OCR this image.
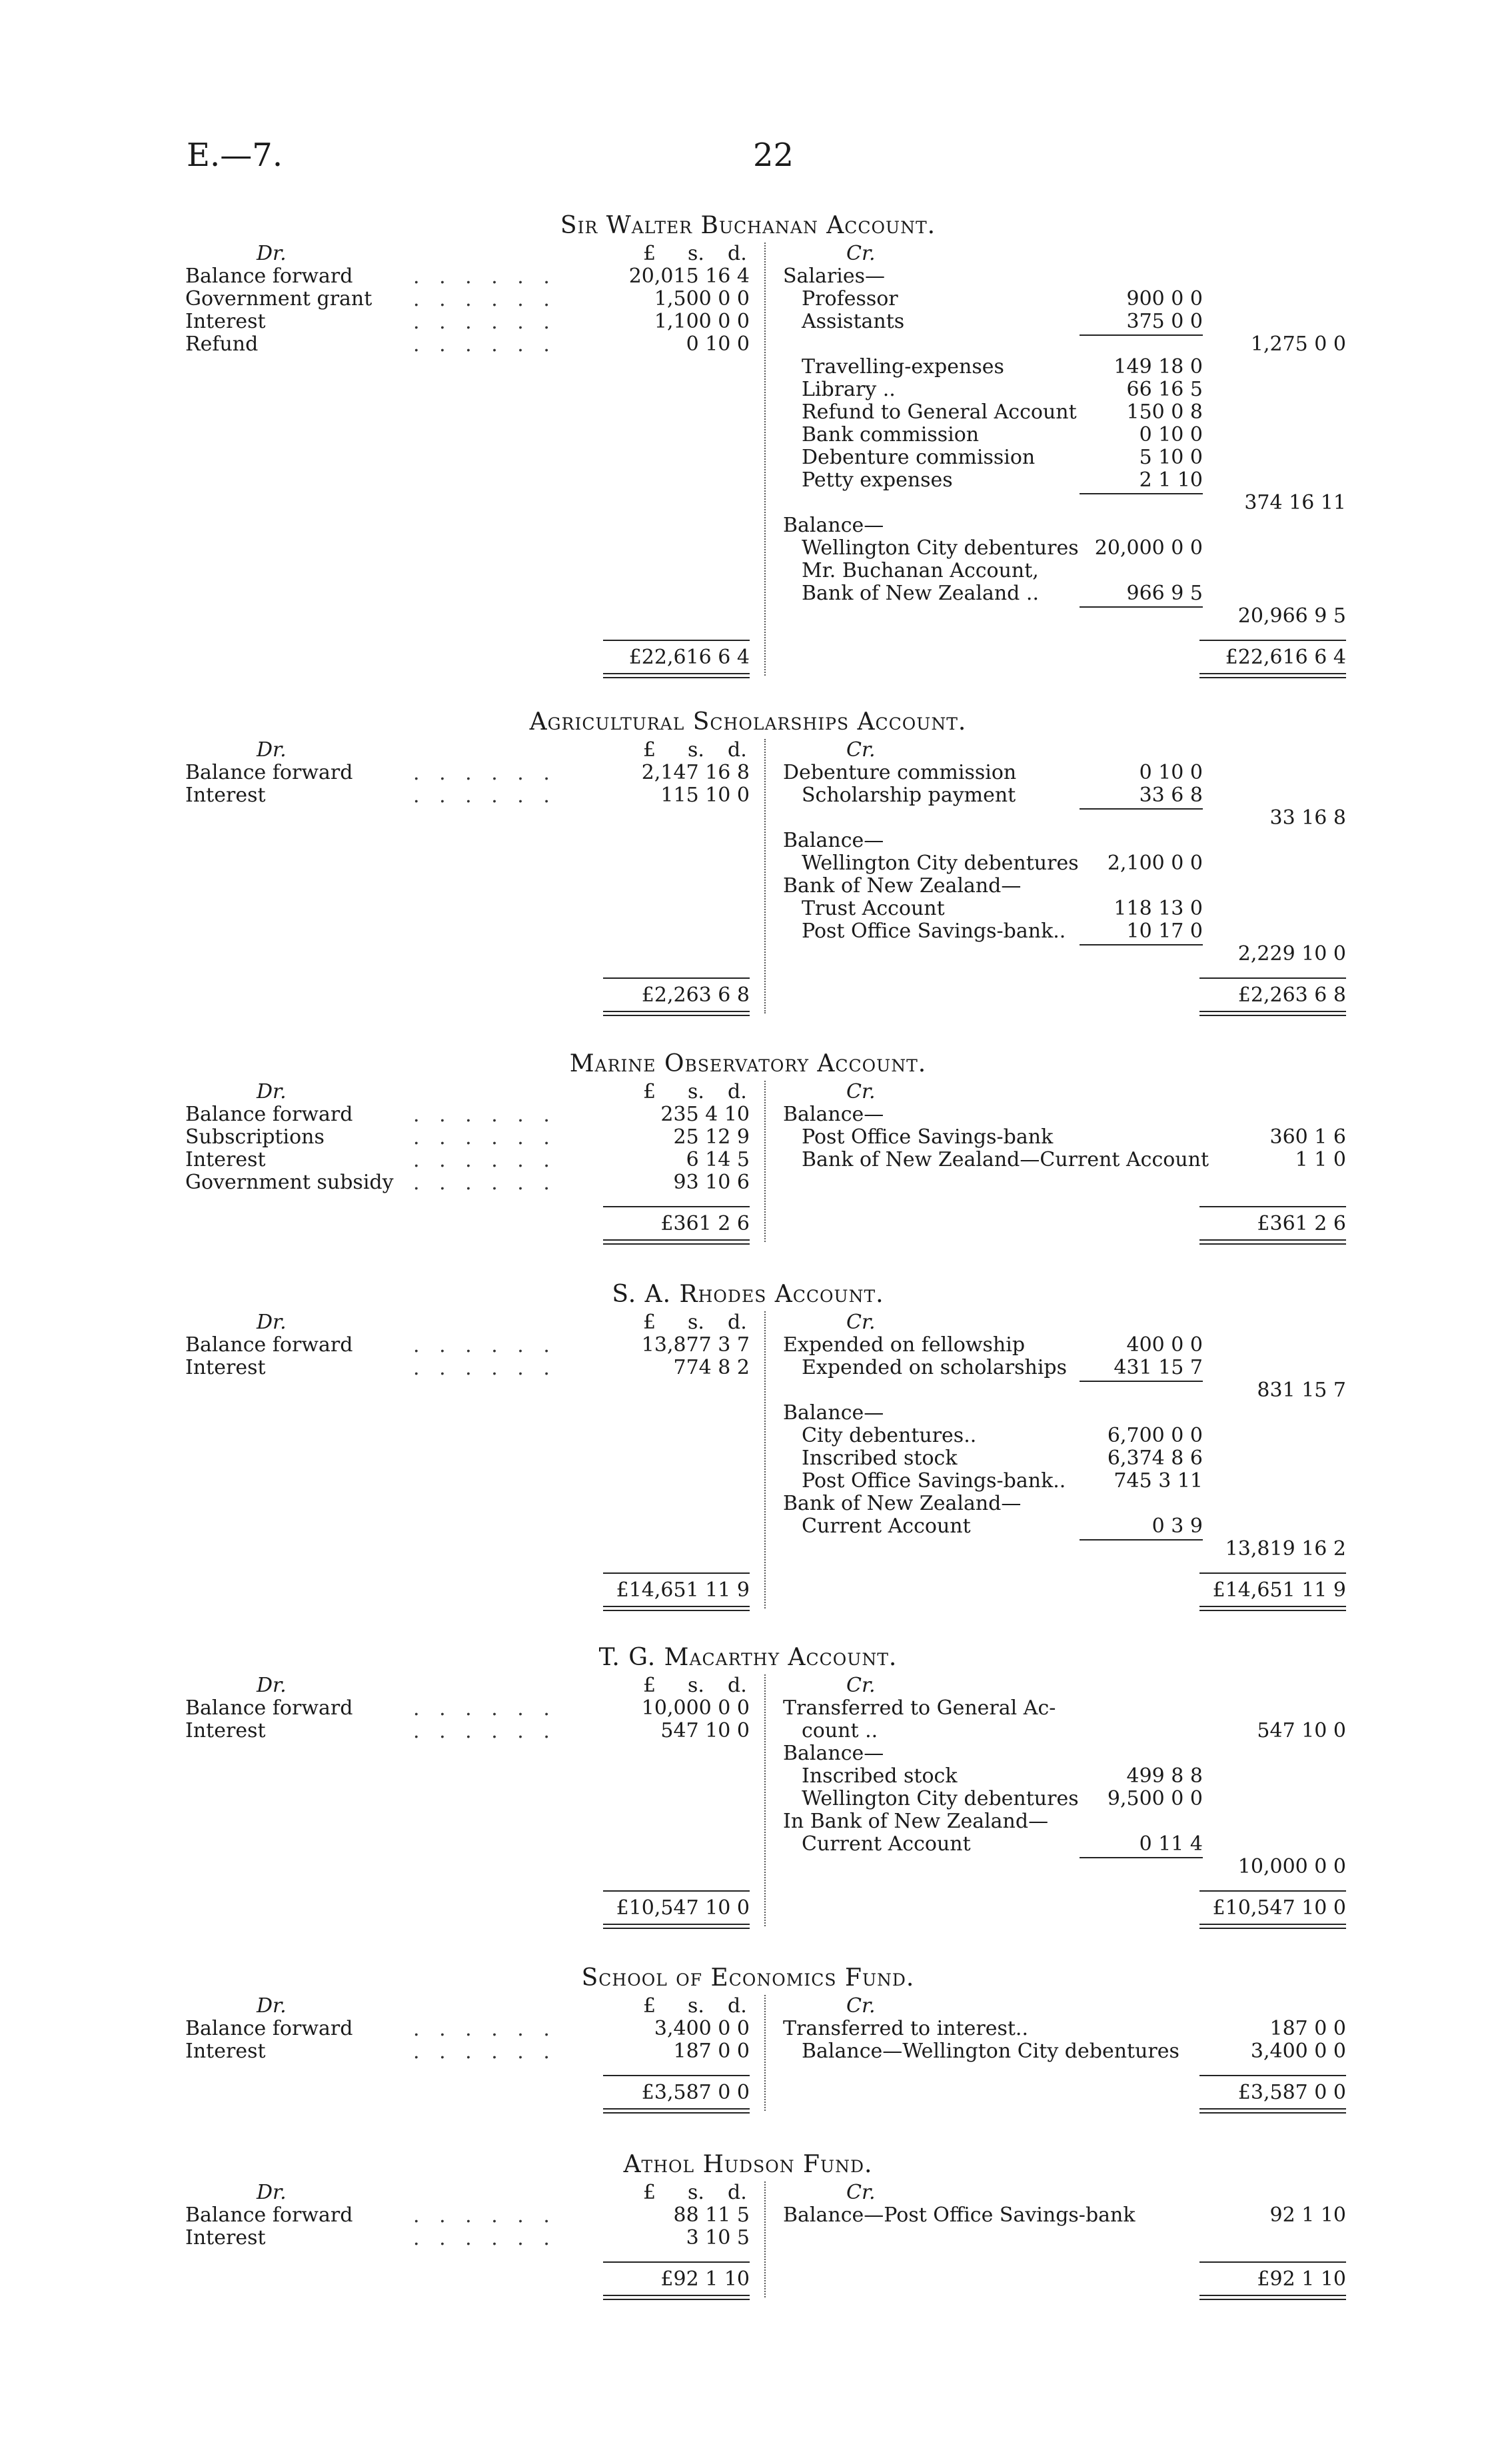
E.—7.	22
Sir Walter Buchanan Account.
Dr.	£ s. d.	Cr.
Balance forward	. . . . . .	20,015 16 4
Government grant . . . . . .	1,500 0 0
Interest	. . . . . .	1,100 0 0
Refund	. . . . . .	0 10 0
Salaries—
Professor	900 0 0
Assistants	375 0 0
1,275 0 0
Travelling-expenses	149 18 0
Library ..	66 16 5
Refund to General Account	150 0 8
Bank commission	0 10 0
Debenture commission	5 10 0
Petty expenses	2 1 10
374 16 11
Balance—
Wellington City debentures 20,000 0 0
Mr. Buchanan Account,
Bank of New Zealand ..	966 9 5
20,966 9 5
£22,616 6 4	£22,616 6 4
Agricultural Scholarships Account.
Dr.	£ s. d.	Cr.
Balance forward	. . . . . .	2,147 16 8
Interest	. . . . . .	115 10 0
Debenture commission	0 10 0
Scholarship payment	33 6 8
33 16 8
Balance—
Wellington City debentures	2,100 0 0
Bank of New Zealand—
Trust Account	118 13 0
Post Office Savings-bank..	10 17 0
2,229 10 0
£2,263 6 8	£2,263 6 8
Marine Observatory Account.
Dr.	£ s. d.	Cr.
Balance forward	. . . . . .	235 4 10
Subscriptions	. . . . . .	25 12 9
Interest	. . . . . .	6 14 5
Government subsidy . . . . . .	93 10 6
Balance—
Post Office Savings-bank	360 1 6
Bank of New Zealand—Current Account	1 1 0
£361 2 6	£361 2 6
S. A. Rhodes Account.
Dr.	£ s. d.	Cr.
Balance forward	. . . . . .	13,877 3 7
Interest	. . . . . .	774 8 2
Expended on fellowship	400 0 0
Expended on scholarships	431 15 7
831 15 7
Balance—
City debentures..	6,700 0 0
Inscribed stock	6,374 8 6
Post Office Savings-bank..	745 3 11
Bank of New Zealand—
Current Account	0 3 9
13,819 16 2
£14,651 11 9	£14,651 11 9
T. G. Macarthy Account.
Dr.	£ s. d.	Cr.
Balance forward	. . . . . .	10,000 0 0
Interest	. . . . . .	547 10 0
Transferred to General Ac-
count ..	547 10 0
Balance—
Inscribed stock	499 8 8
Wellington City debentures	9,500 0 0
In Bank of New Zealand—
Current Account	0 11 4
10,000 0 0
£10,547 10 0	£10,547 10 0
School of Economics Fund.
Dr.	£ s. d.	Cr.
Balance forward	. . . . . .	3,400 0 0
Interest	. . . . . .	187 0 0
Transferred to interest..	187 0 0
Balance—Wellington City debentures	3,400 0 0
£3,587 0 0	£3,587 0 0
Athol Hudson Fund.
Dr.	£ s. d.	Cr.
Balance forward	. . . . . .	88 11 5
Interest	. . . . . .	3 10 5
Balance—Post Office Savings-bank	92 1 10
£92 1 10	£92 1 10
